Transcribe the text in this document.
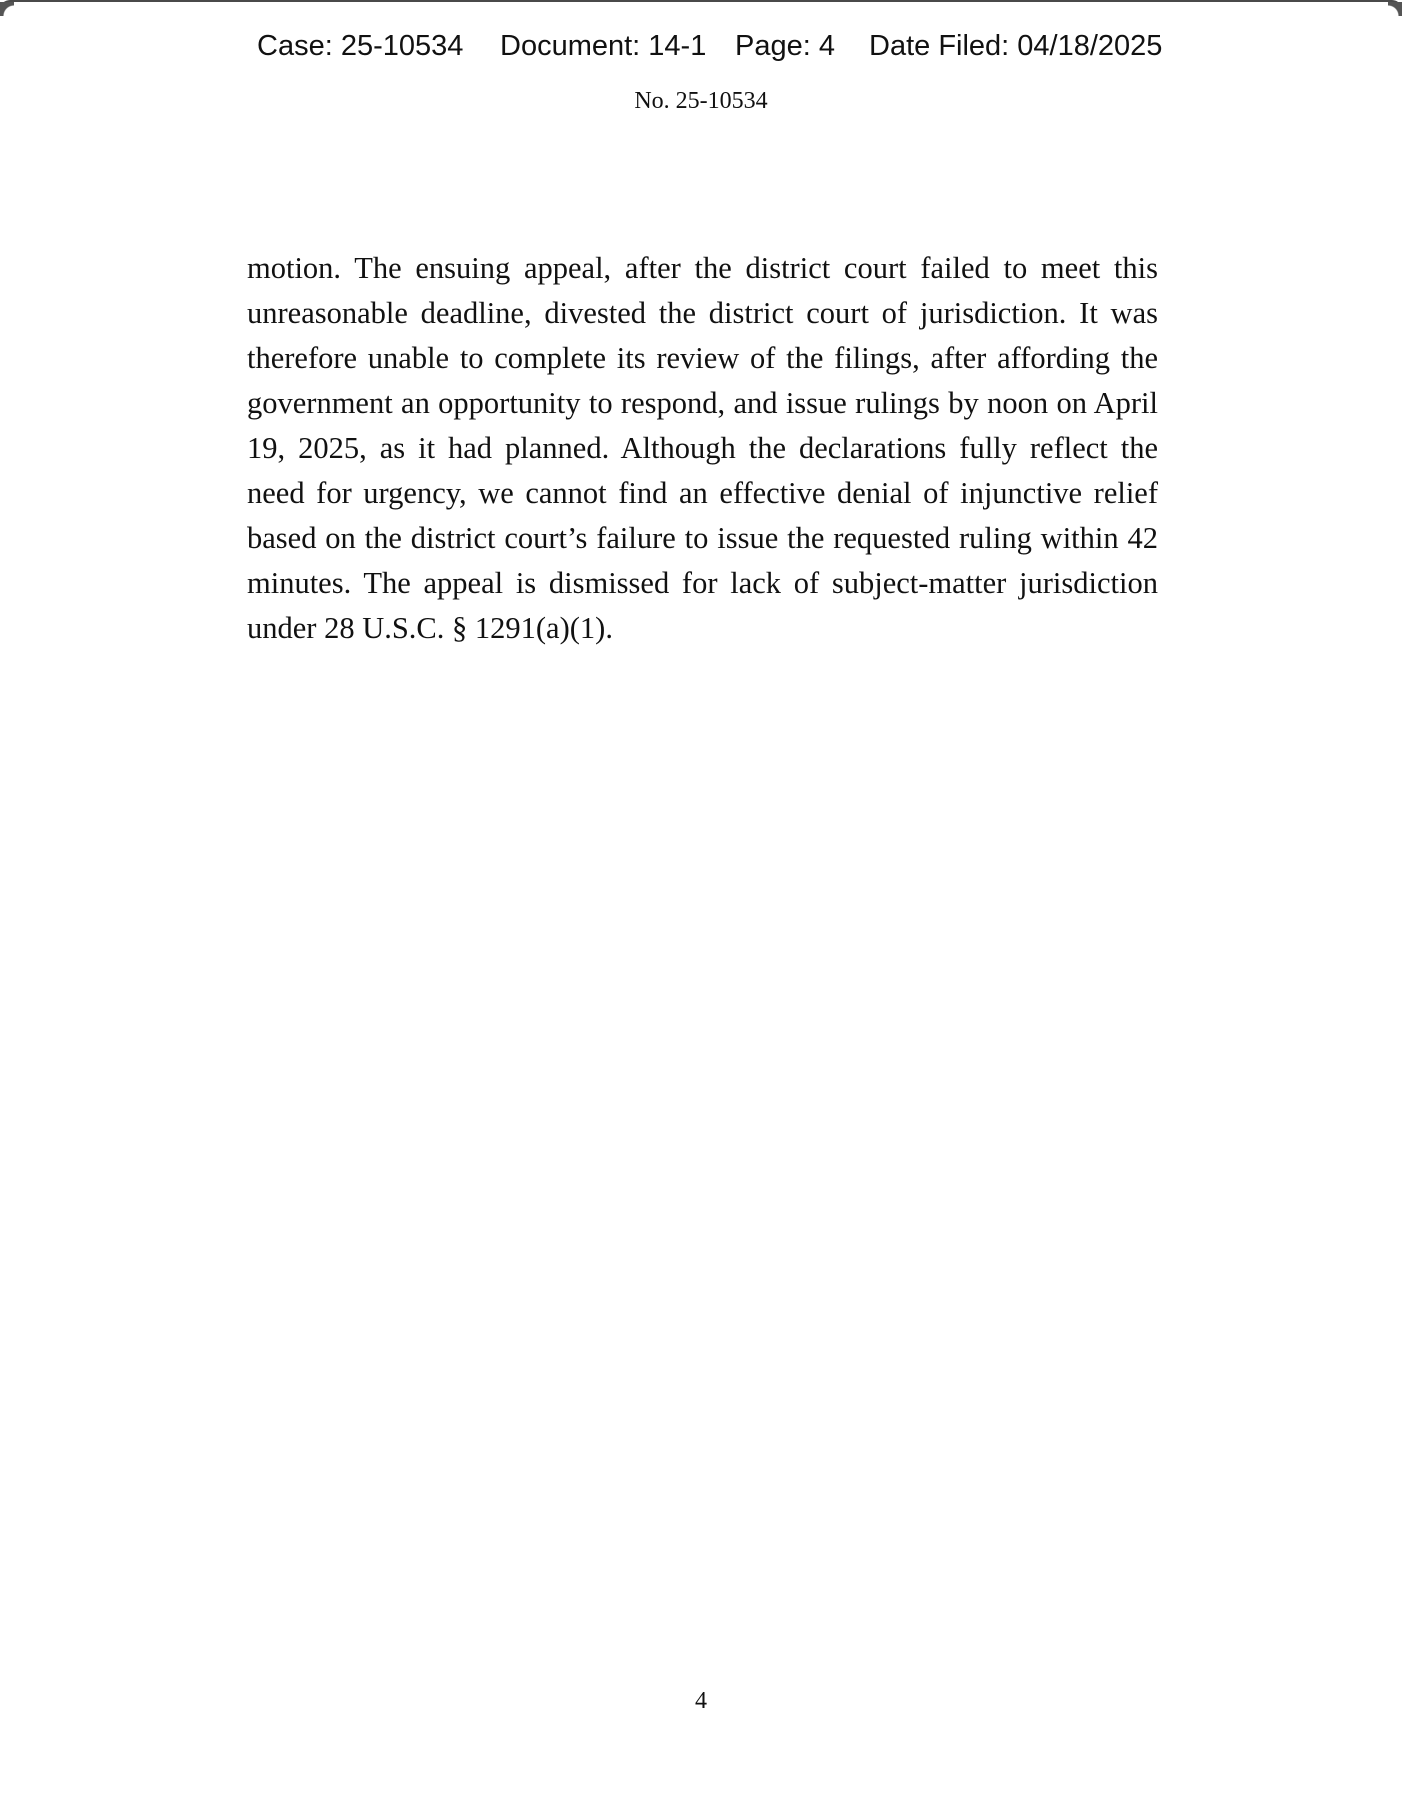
Case: 25-10534 Document: 14-1 Page: 4 Date Filed: 04/18/2025
No. 25-10534

motion. The ensuing appeal, after the district court failed to meet this unreasonable deadline, divested the district court of jurisdiction. It was therefore unable to complete its review of the filings, after affording the government an opportunity to respond, and issue rulings by noon on April 19, 2025, as it had planned. Although the declarations fully reflect the need for urgency, we cannot find an effective denial of injunctive relief based on the district court’s failure to issue the requested ruling within 42 minutes. The appeal is dismissed for lack of subject-matter jurisdiction under 28 U.S.C. § 1291(a)(1).

4
